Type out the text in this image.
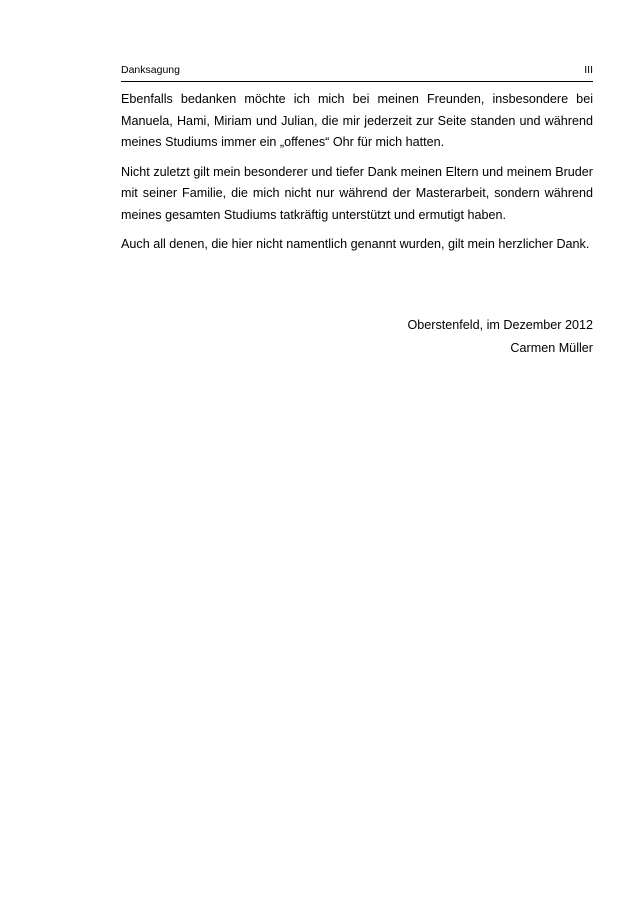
Danksagung	III

Ebenfalls bedanken möchte ich mich bei meinen Freunden, insbesondere bei Manuela, Hami, Miriam und Julian, die mir jederzeit zur Seite standen und während meines Studiums immer ein „offenes“ Ohr für mich hatten.

Nicht zuletzt gilt mein besonderer und tiefer Dank meinen Eltern und meinem Bruder mit seiner Familie, die mich nicht nur während der Masterarbeit, sondern während meines gesamten Studiums tatkräftig unterstützt und ermutigt haben.

Auch all denen, die hier nicht namentlich genannt wurden, gilt mein herzlicher Dank.

Oberstenfeld, im Dezember 2012
Carmen Müller
